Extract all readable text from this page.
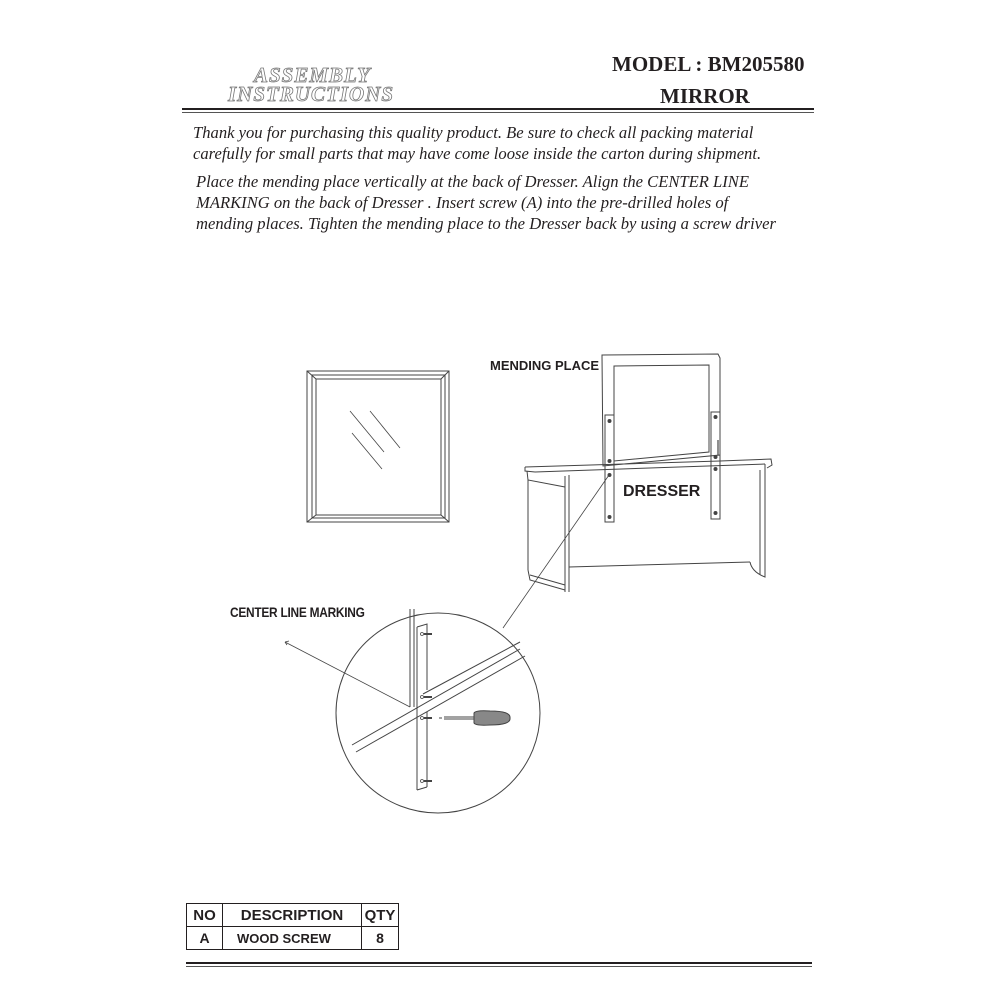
ASSEMBLY
INSTRUCTIONS
MODEL : BM205580
MIRROR
Thank you for purchasing this quality product. Be sure to check all packing material
carefully for small parts that may have come loose inside the carton during shipment.
Place the mending place vertically at the back of Dresser. Align the CENTER LINE
MARKING on the back of Dresser . Insert screw (A) into the pre-drilled holes of
mending places. Tighten the mending place to the Dresser back by using a screw driver
MENDING PLACE
DRESSER
CENTER LINE MARKING
NO	DESCRIPTION	QTY
A	WOOD SCREW	8
